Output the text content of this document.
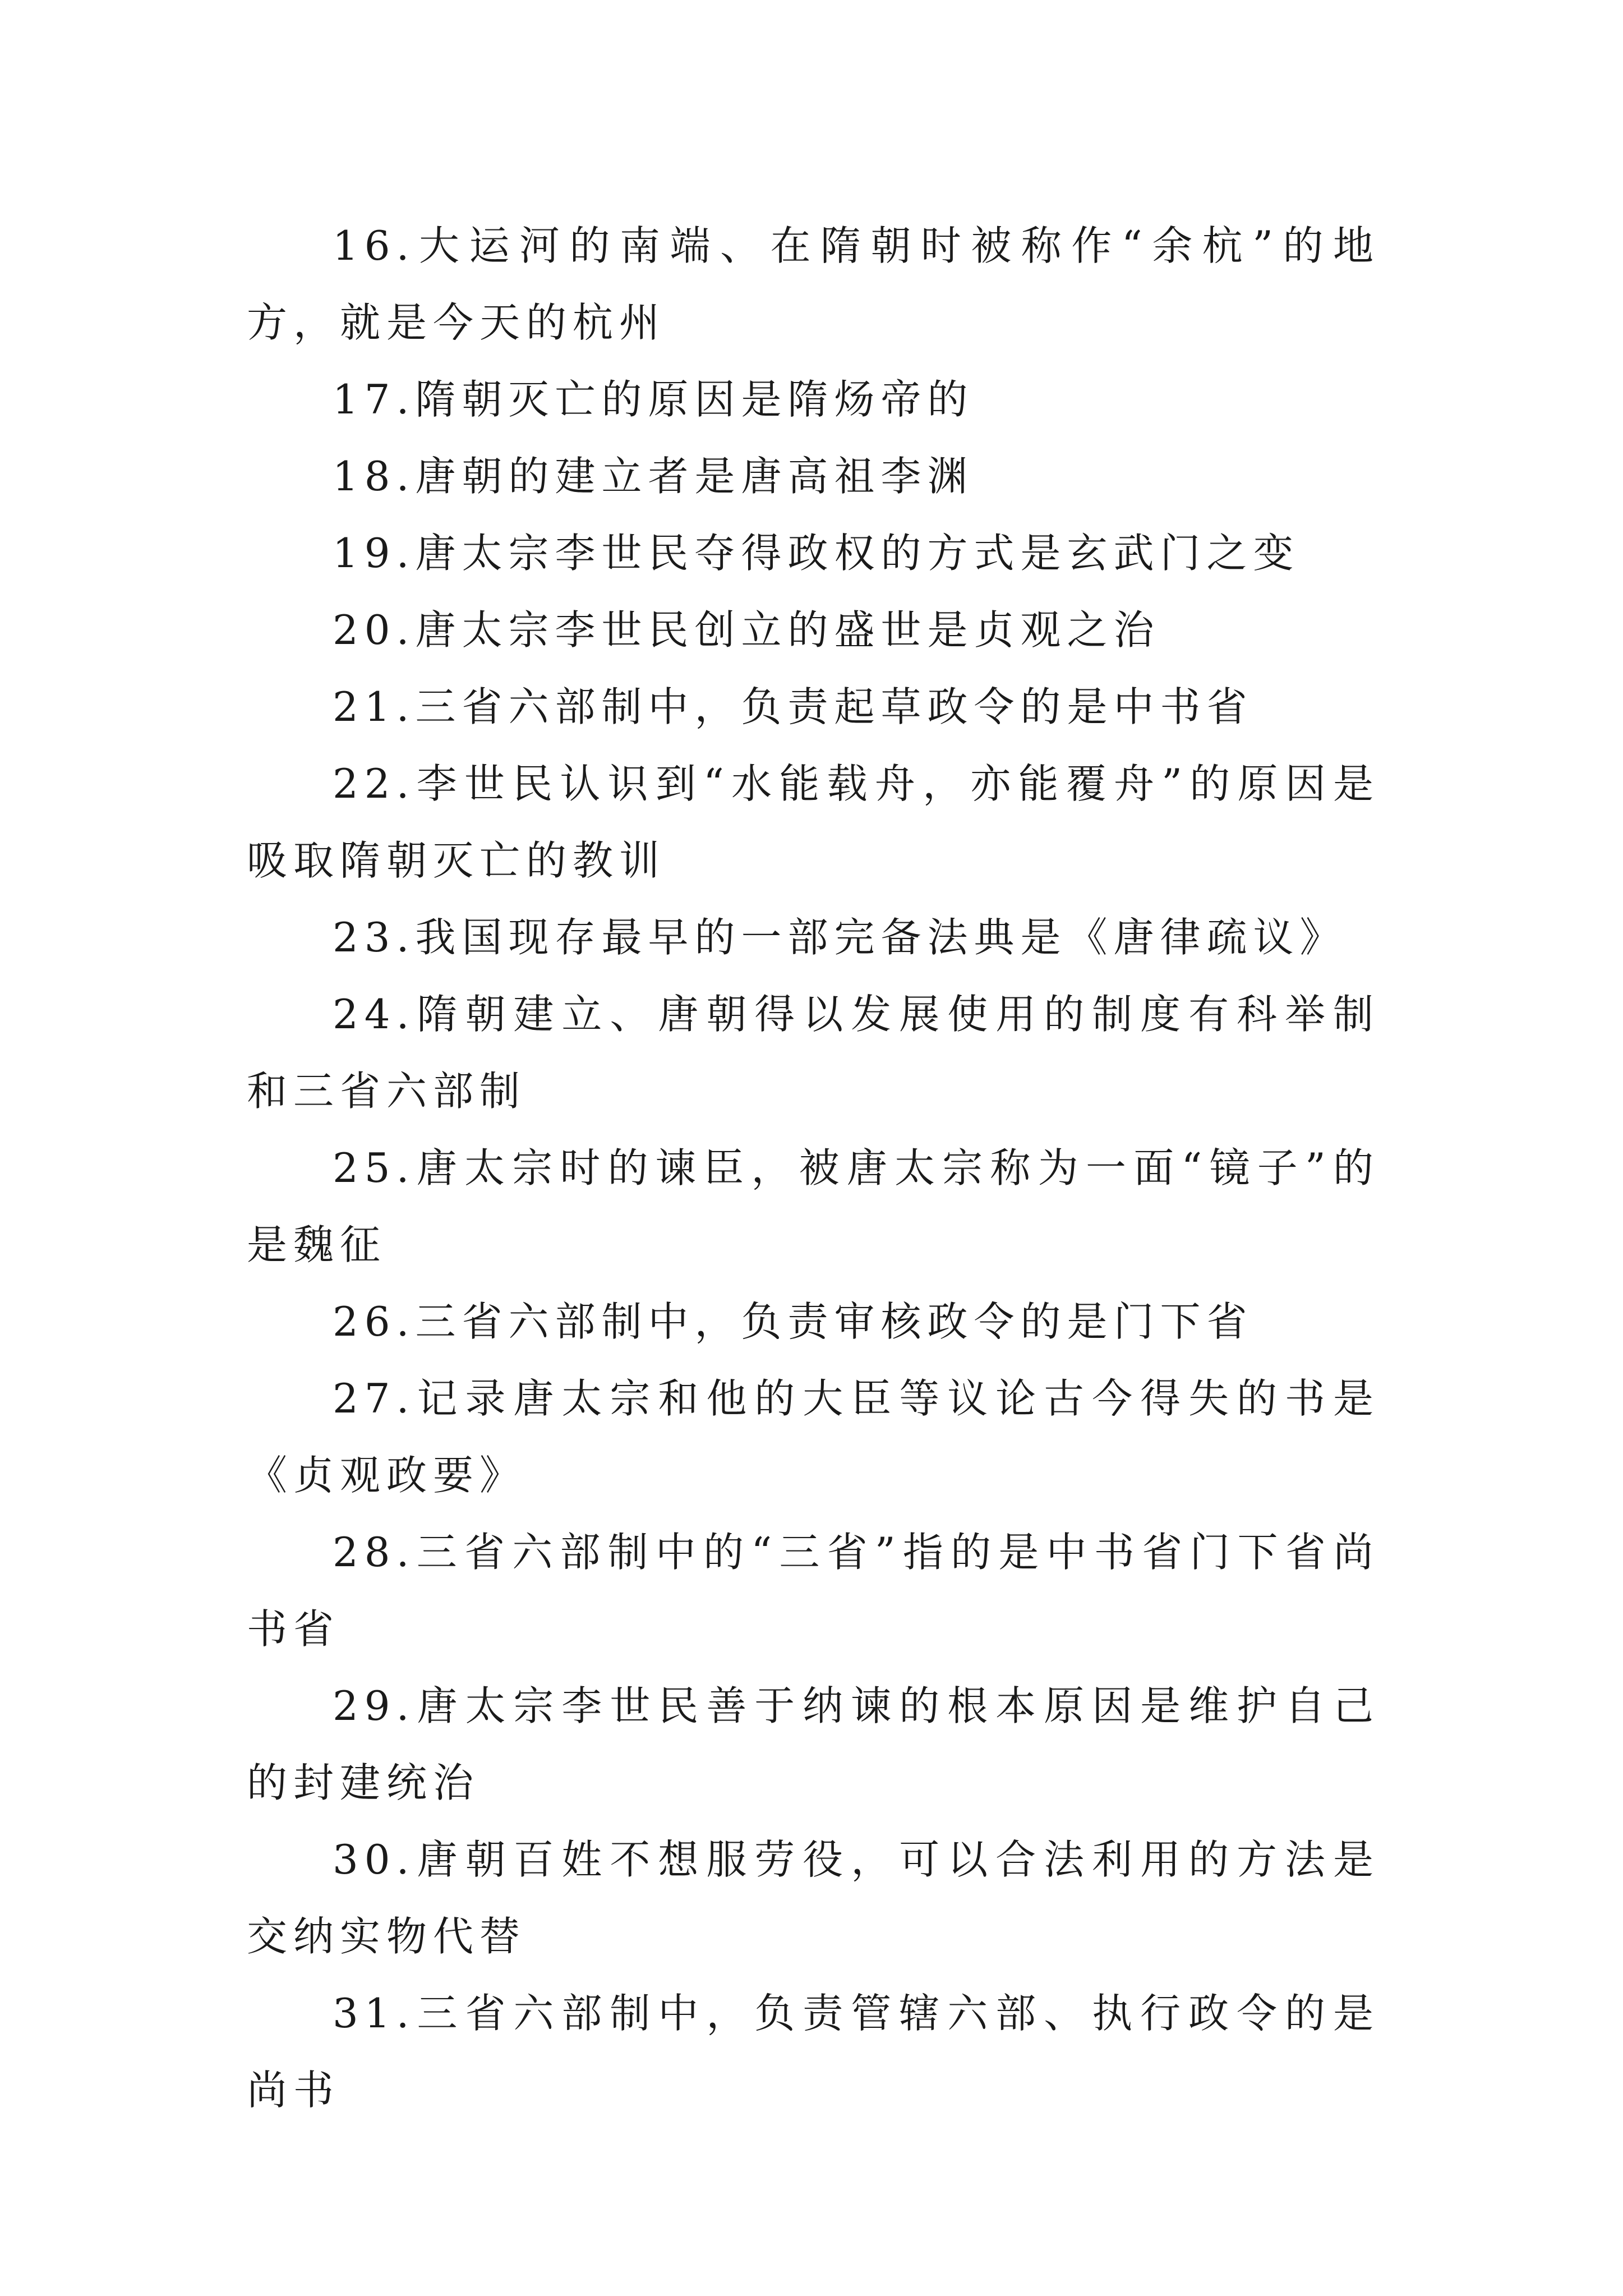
16.大运河的南端、在隋朝时被称作“余杭”的地方，就是今天的杭州

17.隋朝灭亡的原因是隋炀帝的

18.唐朝的建立者是唐高祖李渊

19.唐太宗李世民夺得政权的方式是玄武门之变

20.唐太宗李世民创立的盛世是贞观之治

21.三省六部制中，负责起草政令的是中书省

22.李世民认识到“水能载舟，亦能覆舟”的原因是吸取隋朝灭亡的教训

23.我国现存最早的一部完备法典是《唐律疏议》

24.隋朝建立、唐朝得以发展使用的制度有科举制和三省六部制

25.唐太宗时的谏臣，被唐太宗称为一面“镜子”的是魏征

26.三省六部制中，负责审核政令的是门下省

27.记录唐太宗和他的大臣等议论古今得失的书是《贞观政要》

28.三省六部制中的“三省”指的是中书省门下省尚书省

29.唐太宗李世民善于纳谏的根本原因是维护自己的封建统治

30.唐朝百姓不想服劳役，可以合法利用的方法是交纳实物代替

31.三省六部制中，负责管辖六部、执行政令的是尚书
